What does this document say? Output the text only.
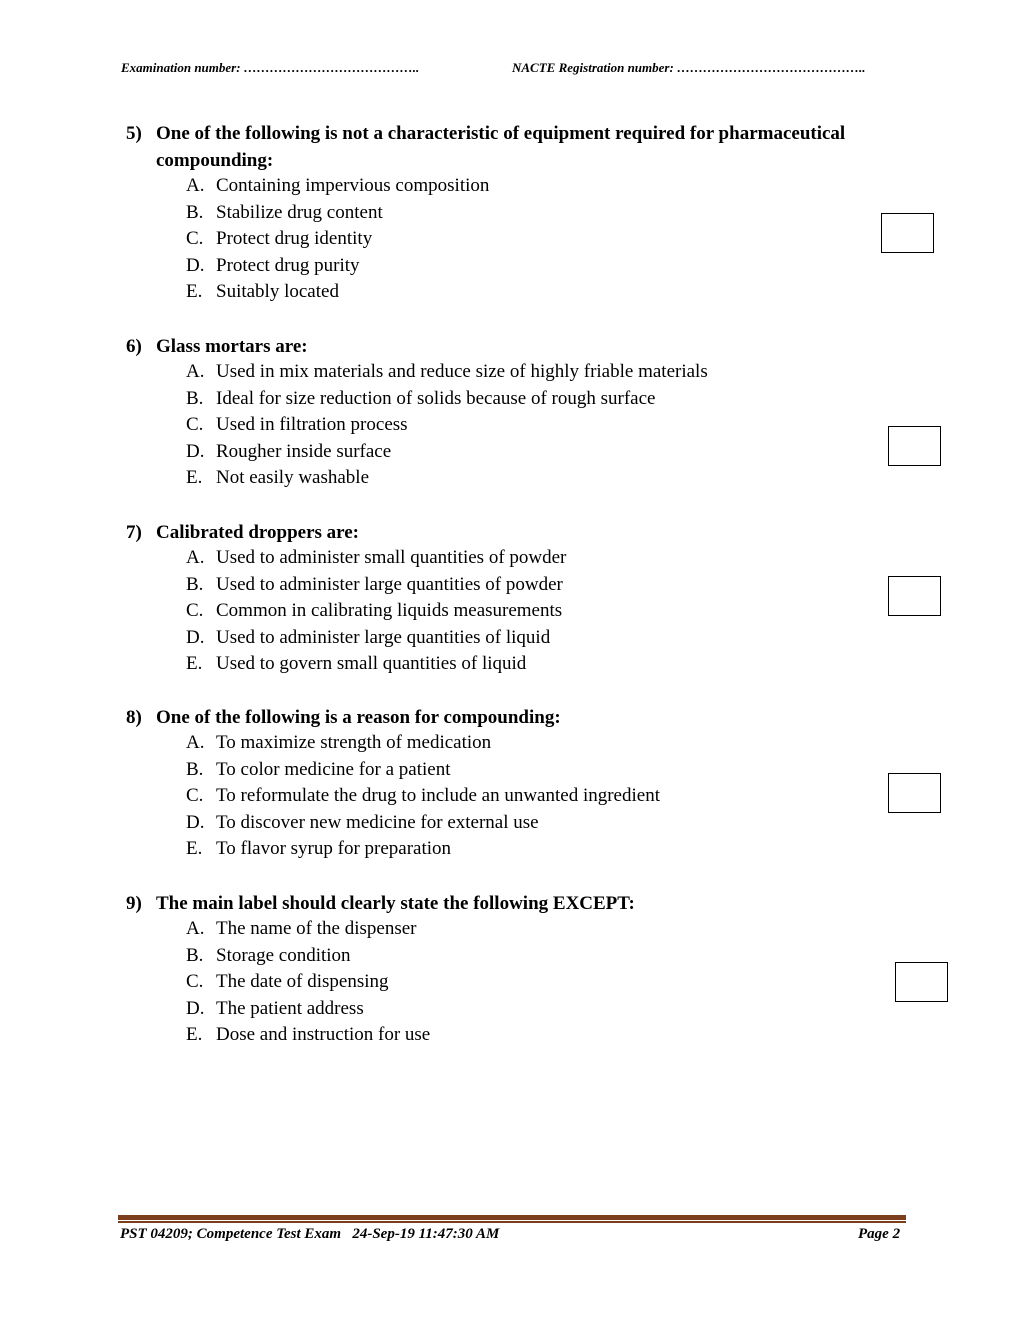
Examination number: …………………………………..	NACTE Registration number: ……………………………………..
5) One of the following is not a characteristic of equipment required for pharmaceutical compounding:
A. Containing impervious composition
B. Stabilize drug content
C. Protect drug identity
D. Protect drug purity
E. Suitably located
6) Glass mortars are:
A. Used in mix materials and reduce size of highly friable materials
B. Ideal for size reduction of solids because of rough surface
C. Used in filtration process
D. Rougher inside surface
E. Not easily washable
7) Calibrated droppers are:
A. Used to administer small quantities of powder
B. Used to administer large quantities of powder
C. Common in calibrating liquids measurements
D. Used to administer large quantities of liquid
E. Used to govern small quantities of liquid
8) One of the following is a reason for compounding:
A. To maximize strength of medication
B. To color medicine for a patient
C. To reformulate the drug to include an unwanted ingredient
D. To discover new medicine for external use
E. To flavor syrup for preparation
9) The main label should clearly state the following EXCEPT:
A. The name of the dispenser
B. Storage condition
C. The date of dispensing
D. The patient address
E. Dose and instruction for use
PST 04209; Competence Test Exam   24-Sep-19 11:47:30 AM	Page 2
